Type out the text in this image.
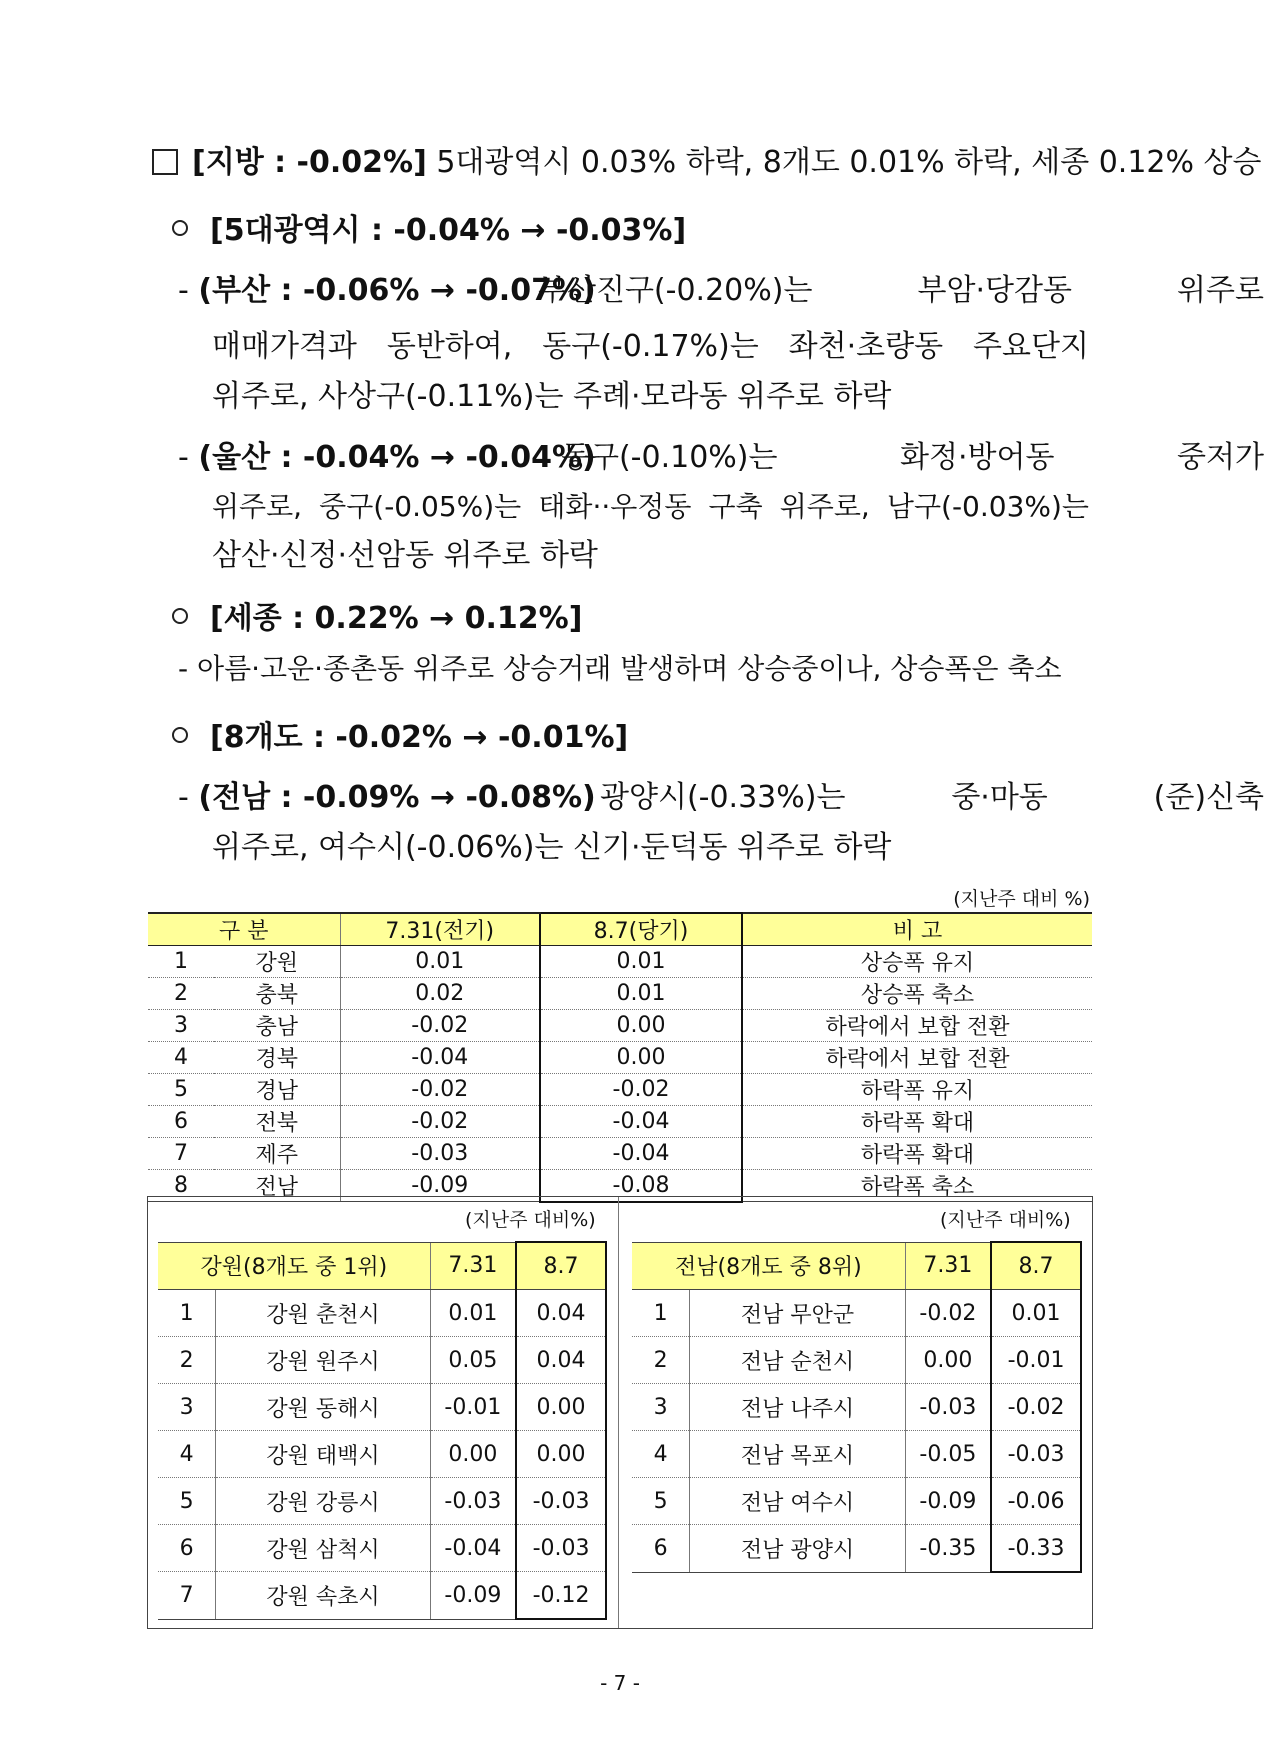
[지방 : -0.02%] 5대광역시 0.03% 하락, 8개도 0.01% 하락, 세종 0.12% 상승
[5대광역시 : -0.04% → -0.03%]
- (부산 : -0.06% → -0.07%)
부산진구(-0.20%)는	부암·당감동	위주로
매매가격과 동반하여, 동구(-0.17%)는 좌천·초량동 주요단지
위주로, 사상구(-0.11%)는 주례·모라동 위주로 하락
- (울산 : -0.04% → -0.04%)
동구(-0.10%)는	화정·방어동	중저가
위주로, 중구(-0.05%)는 태화··우정동 구축 위주로, 남구(-0.03%)는
삼산·신정·선암동 위주로 하락
[세종 : 0.22% → 0.12%]
- 아름·고운·종촌동 위주로 상승거래 발생하며 상승중이나, 상승폭은 축소
[8개도 : -0.02% → -0.01%]
- (전남 : -0.09% → -0.08%) 광양시(-0.33%)는	중·마동	(준)신축
위주로, 여수시(-0.06%)는 신기·둔덕동 위주로 하락
(지난주 대비 %)
구 분		7.31(전기)	8.7(당기)	비 고
1	강원	0.01	0.01	상승폭 유지
2	충북	0.02	0.01	상승폭 축소
3	충남	-0.02	0.00	하락에서 보합 전환
4	경북	-0.04	0.00	하락에서 보합 전환
5	경남	-0.02	-0.02	하락폭 유지
6	전북	-0.02	-0.04	하락폭 확대
7	제주	-0.03	-0.04	하락폭 확대
8	전남	-0.09	-0.08	하락폭 축소
(지난주 대비%)
강원(8개도 중 1위)		7.31	8.7
1	강원 춘천시	0.01	0.04
2	강원 원주시	0.05	0.04
3	강원 동해시	-0.01	0.00
4	강원 태백시	0.00	0.00
5	강원 강릉시	-0.03	-0.03
6	강원 삼척시	-0.04	-0.03
7	강원 속초시	-0.09	-0.12
(지난주 대비%)
전남(8개도 중 8위)		7.31	8.7
1	전남 무안군	-0.02	0.01
2	전남 순천시	0.00	-0.01
3	전남 나주시	-0.03	-0.02
4	전남 목포시	-0.05	-0.03
5	전남 여수시	-0.09	-0.06
6	전남 광양시	-0.35	-0.33
- 7 -
